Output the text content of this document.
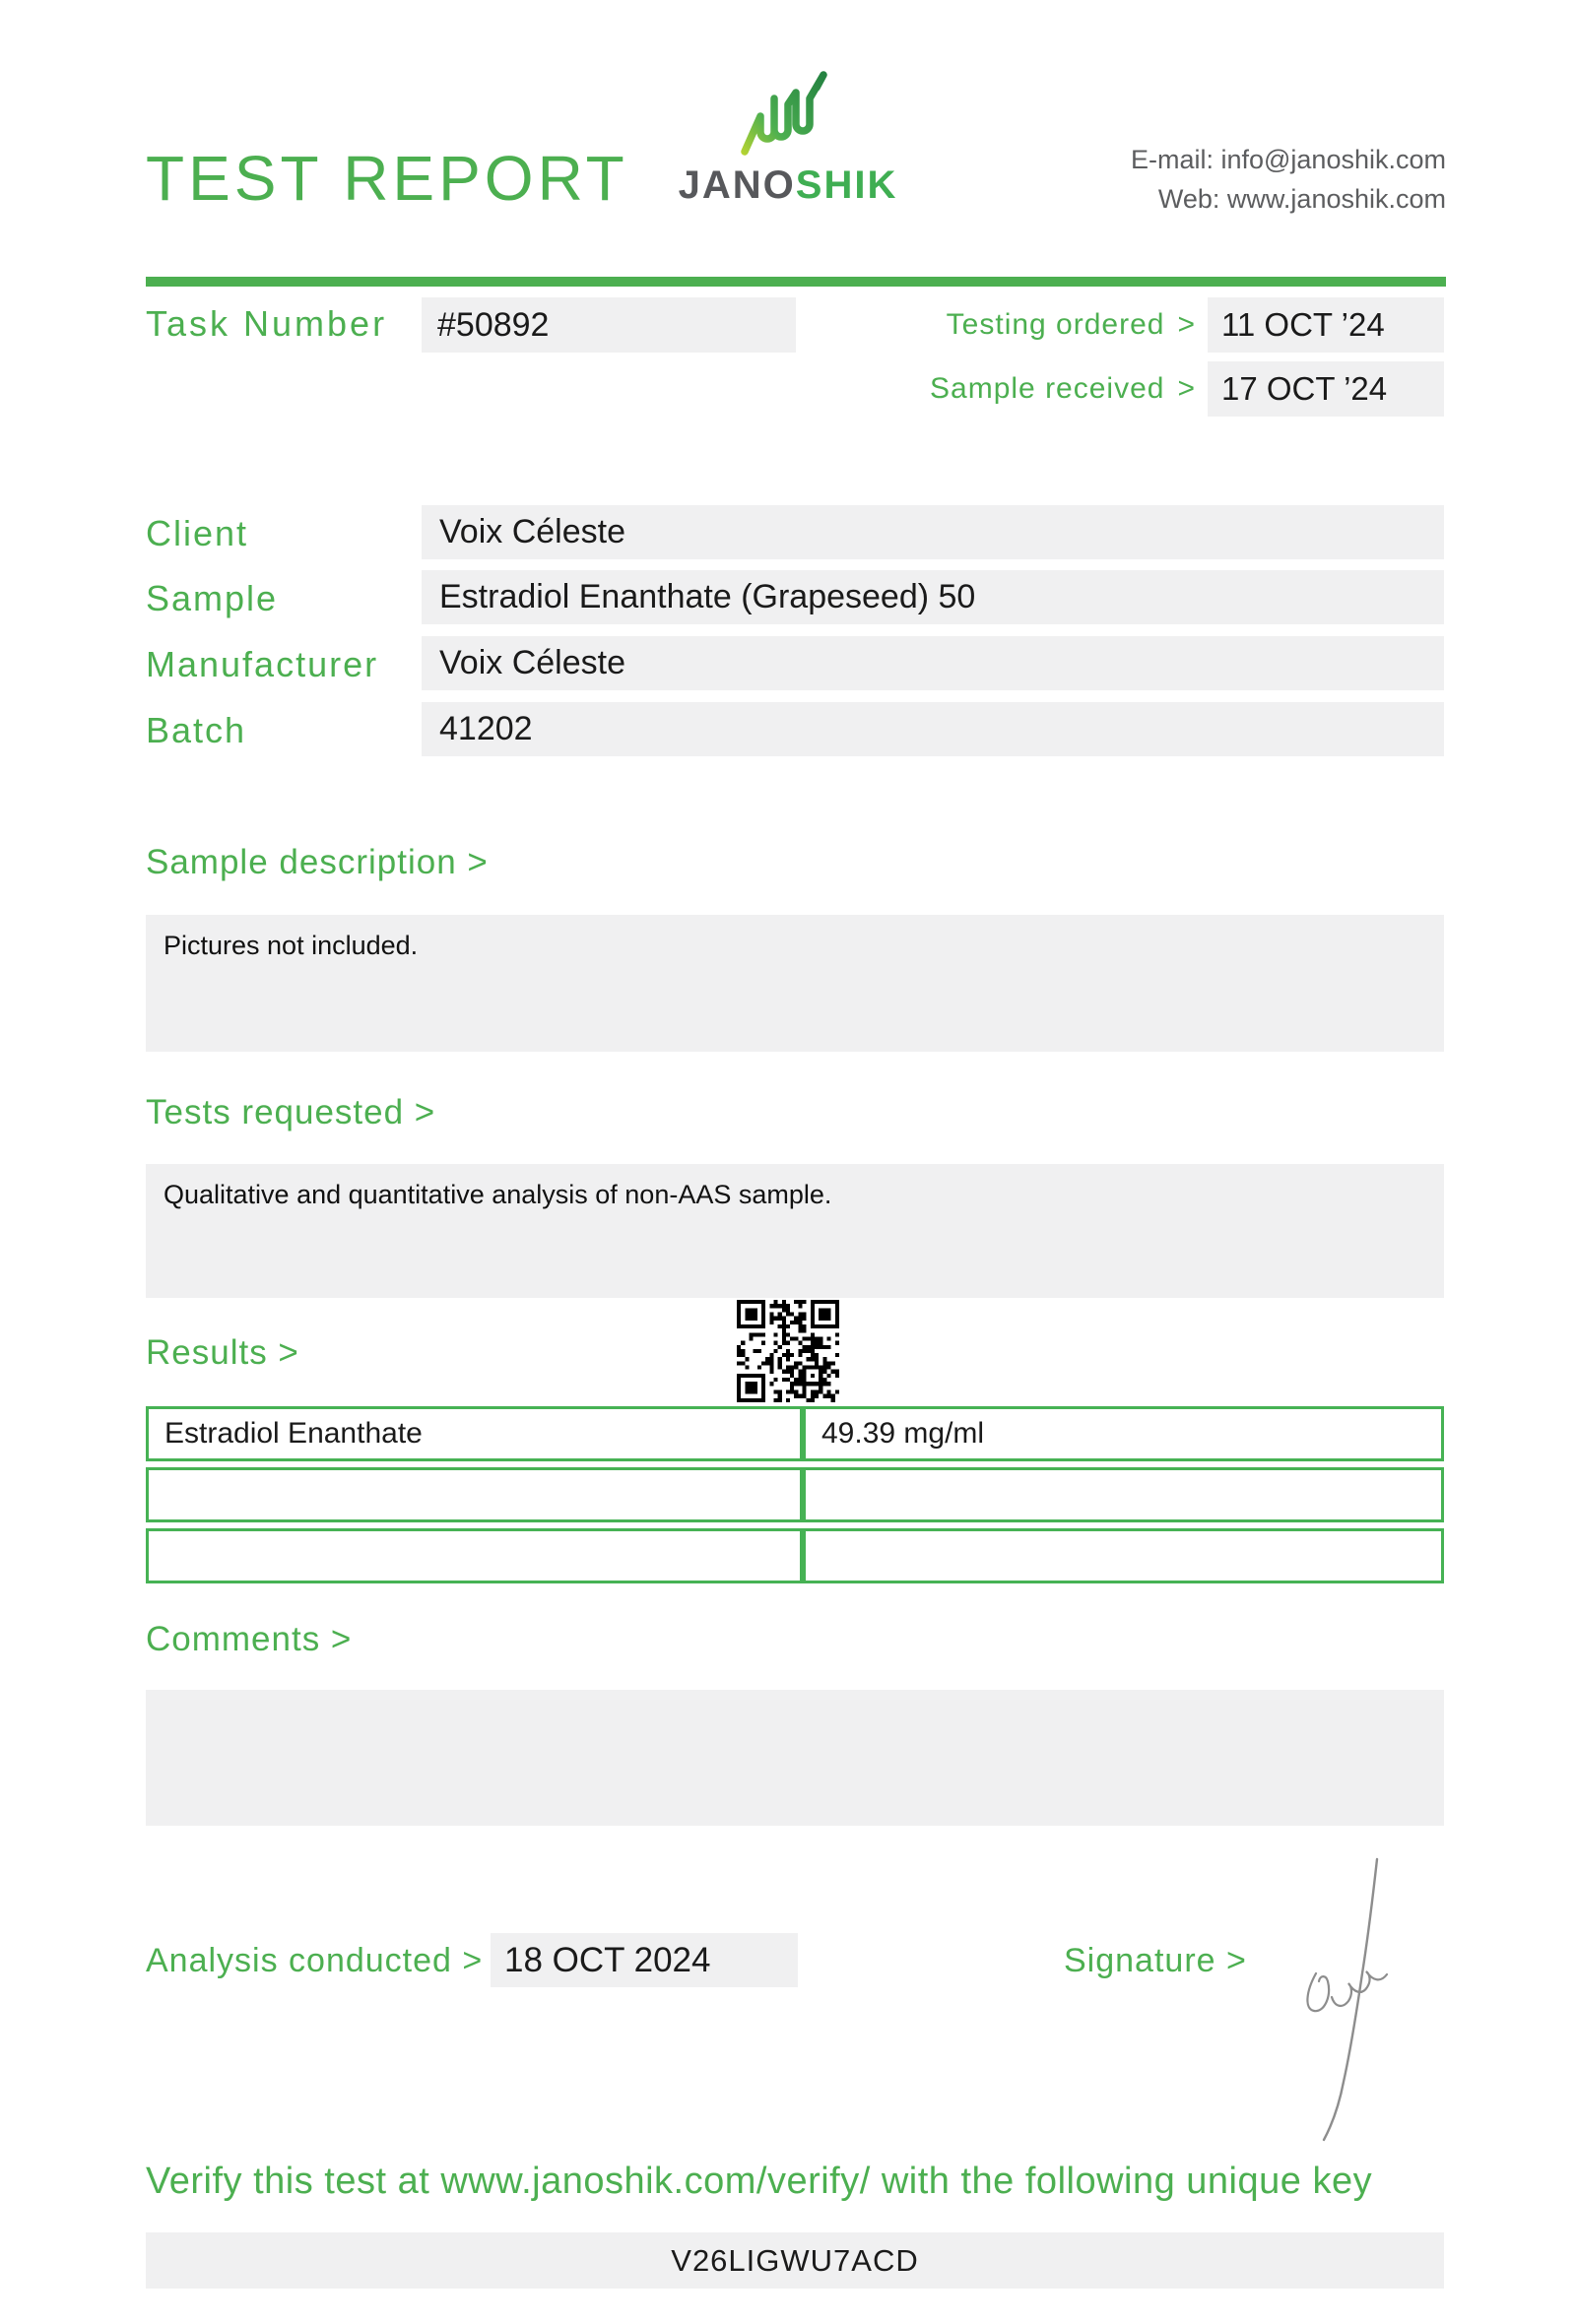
TEST REPORT	JANOSHIK
E-mail: info@janoshik.com
Web: www.janoshik.com
Task Number	#50892	Testing ordered > 11 OCT ’24
Sample received > 17 OCT ’24
Client	Voix Céleste
Sample	Estradiol Enanthate (Grapeseed) 50
Manufacturer	Voix Céleste
Batch	41202
Sample description >
Pictures not included.
Tests requested >
Qualitative and quantitative analysis of non-AAS sample.
Results >
Estradiol Enanthate	49.39 mg/ml
Comments >
Analysis conducted > 18 OCT 2024	Signature >
Verify this test at www.janoshik.com/verify/ with the following unique key
V26LIGWU7ACD
